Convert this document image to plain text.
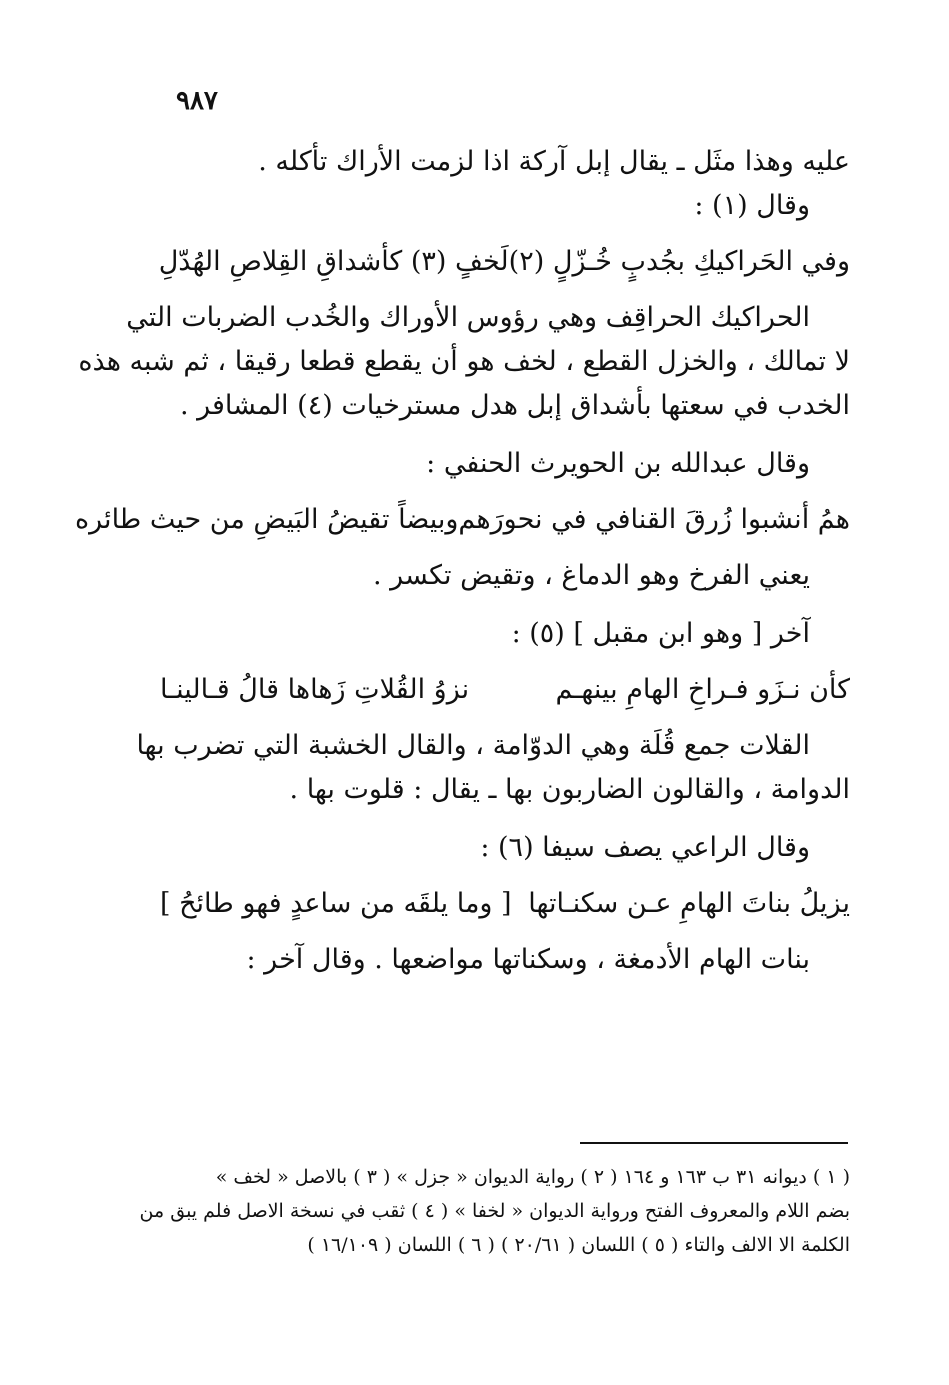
٩٨٧
عليه وهذا مثَل ـ يقال إبل آركة اذا لزمت الأراك تأكله .
وقال (١) :
وفي الحَراكيكِ بجُدبٍ خُـزّلٍ (٢)
لَخفٍ (٣) كأشداقِ القِلاصِ الهُدّلِ
الحراكيك الحراقِف وهي رؤوس الأوراك والخُدب الضربات التي
لا تمالك ، والخزل القطع ، لخف هو أن يقطع قطعا رقيقا ، ثم شبه هذه
الخدب في سعتها بأشداق إبل هدل مسترخيات (٤) المشافر .
وقال عبدالله بن الحويرث الحنفي :
همُ أنشبوا زُرقَ القنافي في نحورَهم
وبيضاً تقيضُ البَيضِ من حيث طائره
يعني الفرخ وهو الدماغ ، وتقيض تكسر .
آخر [ وهو ابن مقبل ] (٥) :
كأن نـزَو فـراخِ الهامِ بينهـم
نزوُ القُلاتِ زَهاها قالُ قـالينـا
القلات جمع قُلَة وهي الدوّامة ، والقال الخشبة التي تضرب بها
الدوامة ، والقالون الضاربون بها ـ يقال : قلوت بها .
وقال الراعي يصف سيفا (٦) :
يزيلُ بناتَ الهامِ عـن سكنـاتها
[ وما يلقَه من ساعدٍ فهو طائحُ ]
بنات الهام الأدمغة ، وسكناتها مواضعها . وقال آخر :
( ١ ) ديوانه ٣١ ب ١٦٣ و ١٦٤ ( ٢ ) رواية الديوان « جزل » ( ٣ ) بالاصل « لخف »
بضم اللام والمعروف الفتح ورواية الديوان « لخفا » ( ٤ ) ثقب في نسخة الاصل فلم يبق من
الكلمة الا الالف والتاء ( ٥ ) اللسان ( ٢٠/٦١ ) ( ٦ ) اللسان ( ١٦/١٠٩ )
